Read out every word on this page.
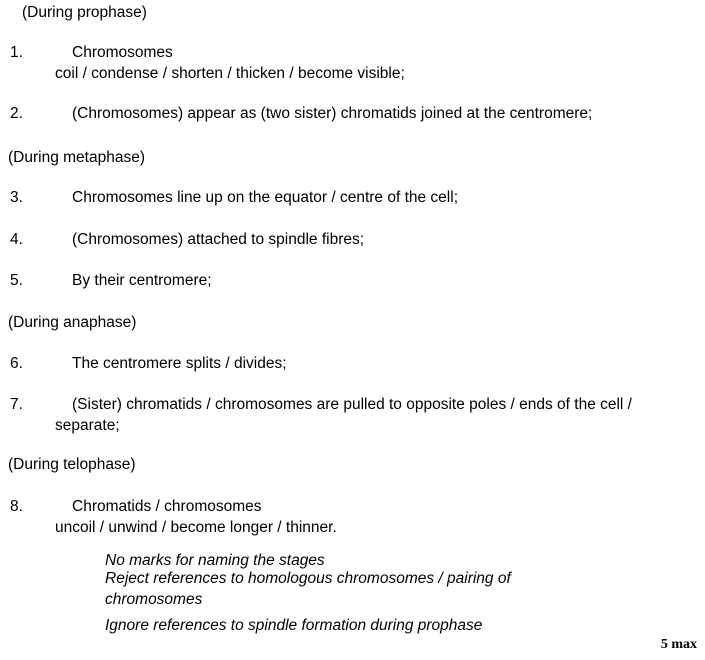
(During prophase)
1.	Chromosomes
coil / condense / shorten / thicken / become visible;
2.	(Chromosomes) appear as (two sister) chromatids joined at the centromere;
(During metaphase)
3.	Chromosomes line up on the equator / centre of the cell;
4.	(Chromosomes) attached to spindle fibres;
5.	By their centromere;
(During anaphase)
6.	The centromere splits / divides;
7.	(Sister) chromatids / chromosomes are pulled to opposite poles / ends of the cell / separate;
(During telophase)
8.	Chromatids / chromosomes
uncoil / unwind / become longer / thinner.
No marks for naming the stages
Reject references to homologous chromosomes / pairing of chromosomes
Ignore references to spindle formation during prophase
5 max
